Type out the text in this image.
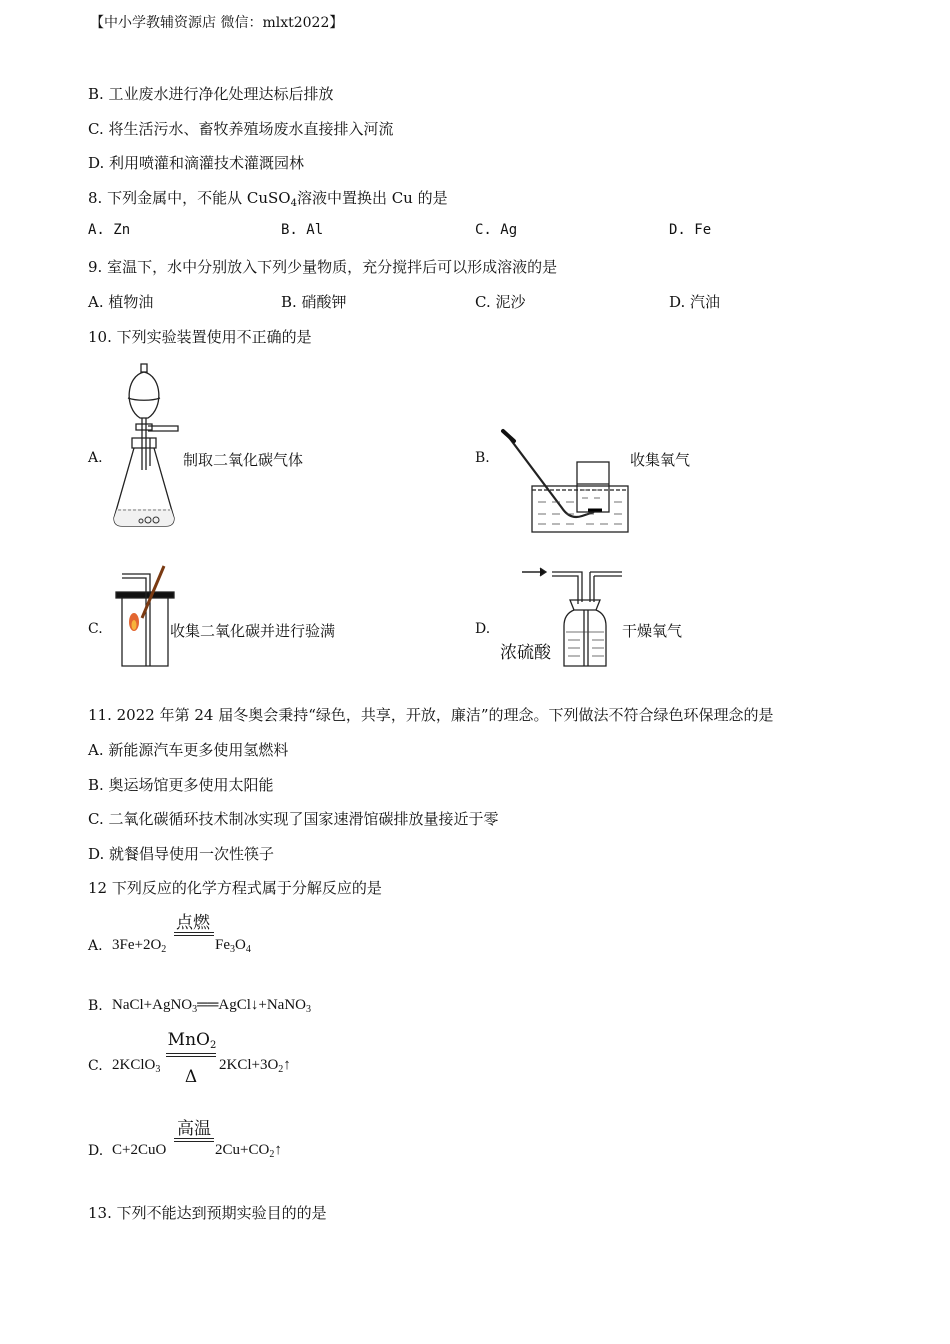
【中小学教辅资源店 微信：mlxt2022】
B. 工业废水进行净化处理达标后排放
C. 将生活污水、畜牧养殖场废水直接排入河流
D. 利用喷灌和滴灌技术灌溉园林
8. 下列金属中，不能从 CuSO$_4$溶液中置换出 Cu 的是
A. Zn	B. Al	C. Ag	D. Fe
9. 室温下，水中分别放入下列少量物质，充分搅拌后可以形成溶液的是
A. 植物油	B. 硝酸钾	C. 泥沙	D. 汽油
10. 下列实验装置使用不正确的是
A.	制取二氧化碳气体	B.	收集氧气
C.	收集二氧化碳并进行验满	D.
浓硫酸
干燥氧气
11. 2022 年第 24 届冬奥会秉持“绿色，共享，开放，廉洁”的理念。下列做法不符合绿色环保理念的是
A. 新能源汽车更多使用氢燃料
B. 奥运场馆更多使用太阳能
C. 二氧化碳循环技术制冰实现了国家速滑馆碳排放量接近于零
D. 就餐倡导使用一次性筷子
12 下列反应的化学方程式属于分解反应的是
A. $3Fe+2O_2$
点燃
$Fe_3O_4$
B. NaCl+AgNO$_3$══AgCl↓+NaNO$_3$
C. 2KClO$_3$
MnO$_2$
Δ
$2KCl+3O_2↑$
D. C+2CuO
高温
$2Cu+CO_2↑$
13. 下列不能达到预期实验目的的是
